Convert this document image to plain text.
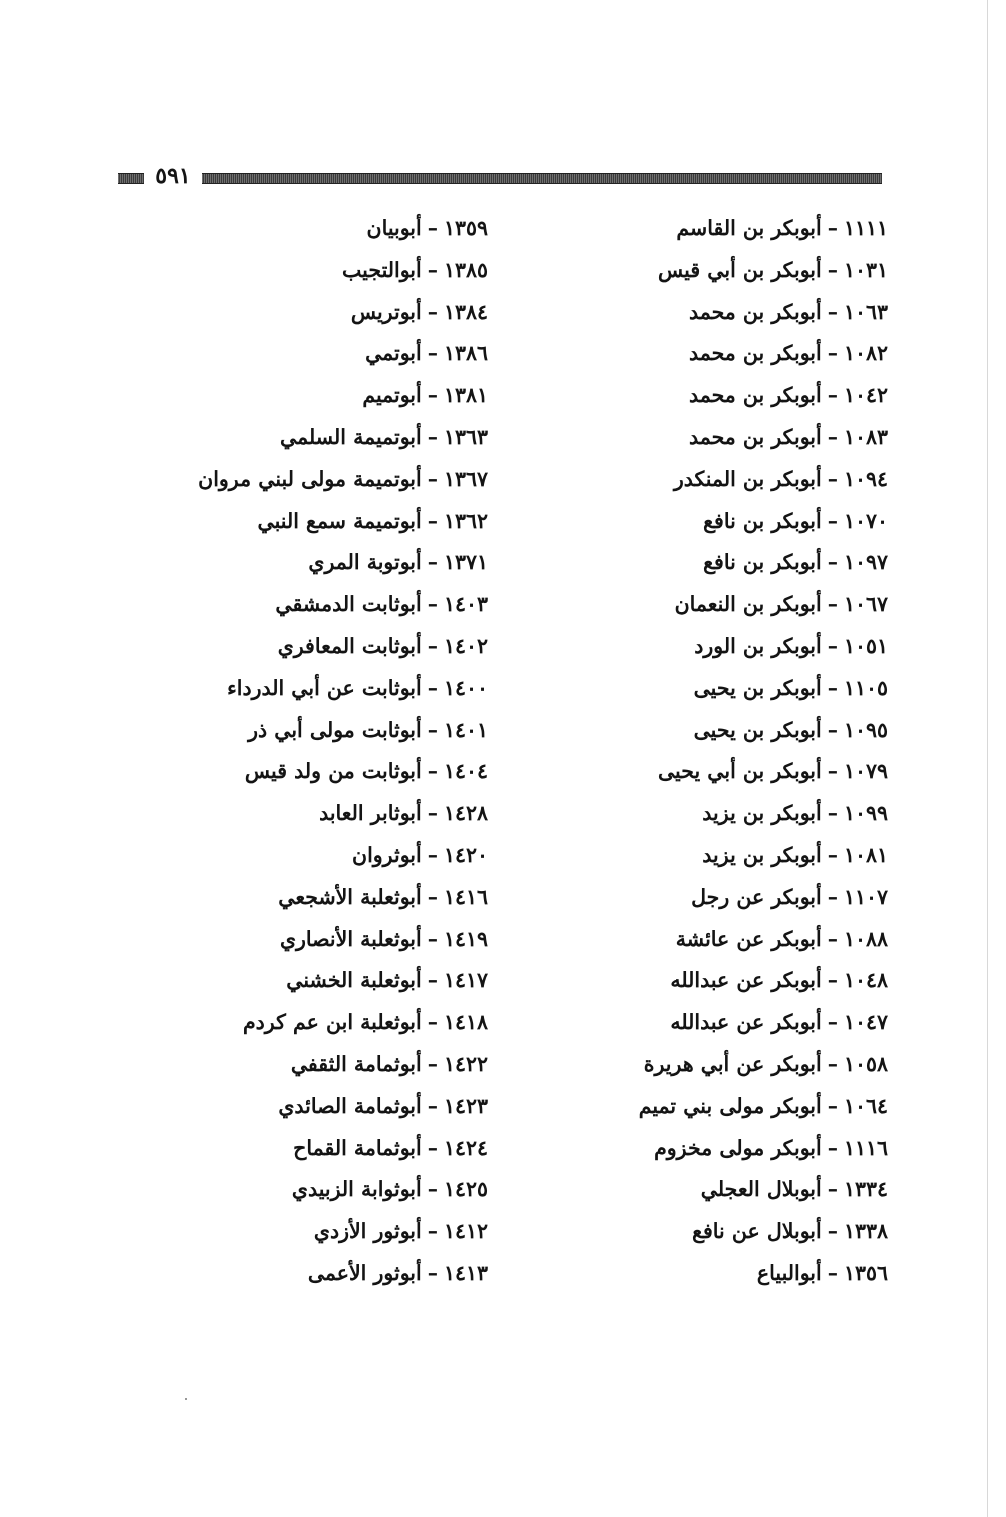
٥٩١
١١١١–أبوبكر بن القاسم
١٠٣١–أبوبكر بن أبي قيس
١٠٦٣–أبوبكر بن محمد
١٠٨٢–أبوبكر بن محمد
١٠٤٢–أبوبكر بن محمد
١٠٨٣–أبوبكر بن محمد
١٠٩٤–أبوبكر بن المنكدر
١٠٧٠–أبوبكر بن نافع
١٠٩٧–أبوبكر بن نافع
١٠٦٧–أبوبكر بن النعمان
١٠٥١–أبوبكر بن الورد
١١٠٥–أبوبكر بن يحيى
١٠٩٥–أبوبكر بن يحيى
١٠٧٩–أبوبكر بن أبي يحيى
١٠٩٩–أبوبكر بن يزيد
١٠٨١–أبوبكر بن يزيد
١١٠٧–أبوبكر عن رجل
١٠٨٨–أبوبكر عن عائشة
١٠٤٨–أبوبكر عن عبدالله
١٠٤٧–أبوبكر عن عبدالله
١٠٥٨–أبوبكر عن أبي هريرة
١٠٦٤–أبوبكر مولى بني تميم
١١١٦–أبوبكر مولى مخزوم
١٣٣٤–أبوبلال العجلي
١٣٣٨–أبوبلال عن نافع
١٣٥٦–أبوالبياع
١٣٥٩–أبوبيان
١٣٨٥–أبوالتجيب
١٣٨٤–أبوتريس
١٣٨٦–أبوتمي
١٣٨١–أبوتميم
١٣٦٣–أبوتميمة السلمي
١٣٦٧–أبوتميمة مولى لبني مروان
١٣٦٢–أبوتميمة سمع النبي
١٣٧١–أبوتوبة المري
١٤٠٣–أبوثابت الدمشقي
١٤٠٢–أبوثابت المعافري
١٤٠٠–أبوثابت عن أبي الدرداء
١٤٠١–أبوثابت مولى أبي ذر
١٤٠٤–أبوثابت من ولد قيس
١٤٢٨–أبوثابر العابد
١٤٢٠–أبوثروان
١٤١٦–أبوثعلبة الأشجعي
١٤١٩–أبوثعلبة الأنصاري
١٤١٧–أبوثعلبة الخشني
١٤١٨–أبوثعلبة ابن عم كردم
١٤٢٢–أبوثمامة الثقفي
١٤٢٣–أبوثمامة الصائدي
١٤٢٤–أبوثمامة القماح
١٤٢٥–أبوثوابة الزبيدي
١٤١٢–أبوثور الأزدي
١٤١٣–أبوثور الأعمى
